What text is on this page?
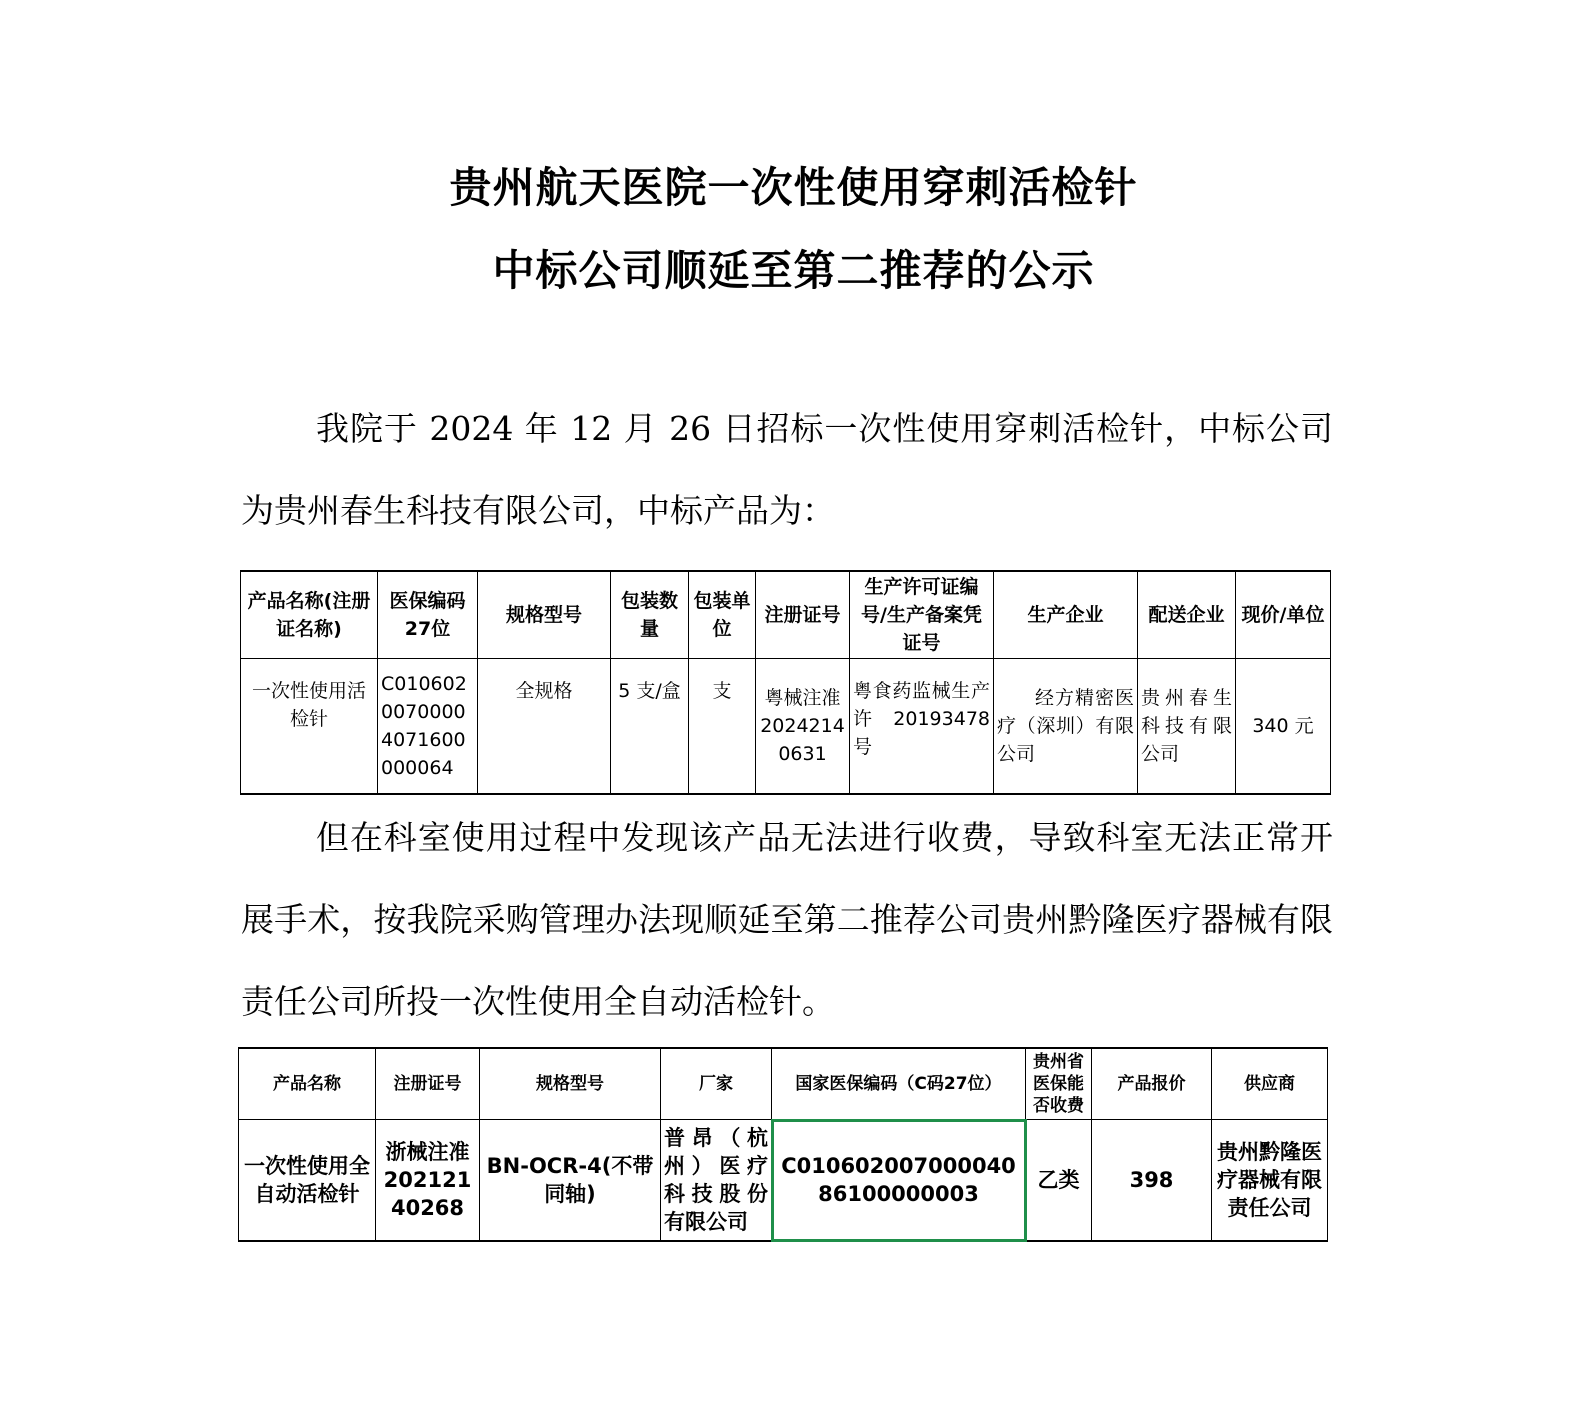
贵州航天医院一次性使用穿刺活检针
中标公司顺延至第二推荐的公示

我院于 2024 年 12 月 26 日招标一次性使用穿刺活检针，中标公司为贵州春生科技有限公司，中标产品为：

产品名称(注册证名称)	医保编码27位	规格型号	包装数量	包装单位	注册证号	生产许可证编号/生产备案凭证号	生产企业	配送企业	现价/单位
一次性使用活检针	C01060200700004071600000064	全规格	5 支/盒	支	粤械注准20242140631	粤食药监械生产许 20193478 号	经方精密医疗（深圳）有限公司	贵州春生科技有限公司	340 元

但在科室使用过程中发现该产品无法进行收费，导致科室无法正常开展手术，按我院采购管理办法现顺延至第二推荐公司贵州黔隆医疗器械有限责任公司所投一次性使用全自动活检针。

产品名称	注册证号	规格型号	厂家	国家医保编码（C码27位）	贵州省医保能否收费	产品报价	供应商
一次性使用全自动活检针	浙械注准20212140268	BN-OCR-4(不带同轴)	普昂（杭州）医疗科技股份有限公司	C01060200700004086100000003	乙类	398	贵州黔隆医疗器械有限责任公司
